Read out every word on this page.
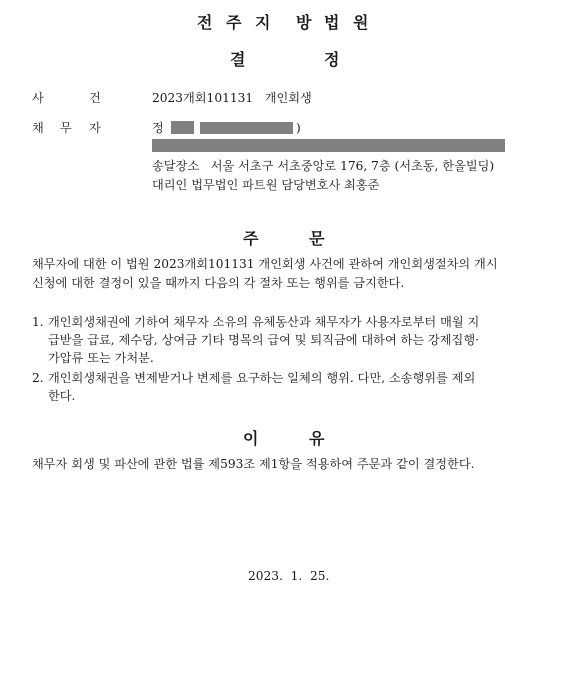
전 주 지 방 법 원
결	정
사	건	2023개회101131   개인회생
채 무 자	정	)
송달장소   서울 서초구 서초중앙로 176, 7층 (서초동, 한올빌딩)
대리인 법무법인 파트원 담당변호사 최홍준
주	문
채무자에 대한 이 법원 2023개회101131 개인회생 사건에 관하여 개인회생절차의 개시
신청에 대한 결정이 있을 때까지 다음의 각 절차 또는 행위를 금지한다.
1. 개인회생채권에 기하여 채무자 소유의 유체동산과 채무자가 사용자로부터 매월 지
급받을 급료, 제수당, 상여금 기타 명목의 급여 및 퇴직금에 대하여 하는 강제집행·
가압류 또는 가처분.
2. 개인회생채권을 변제받거나 변제를 요구하는 일체의 행위. 다만, 소송행위를 제외
한다.
이	유
채무자 회생 및 파산에 관한 법률 제593조 제1항을 적용하여 주문과 같이 결정한다.
2023.  1.  25.
